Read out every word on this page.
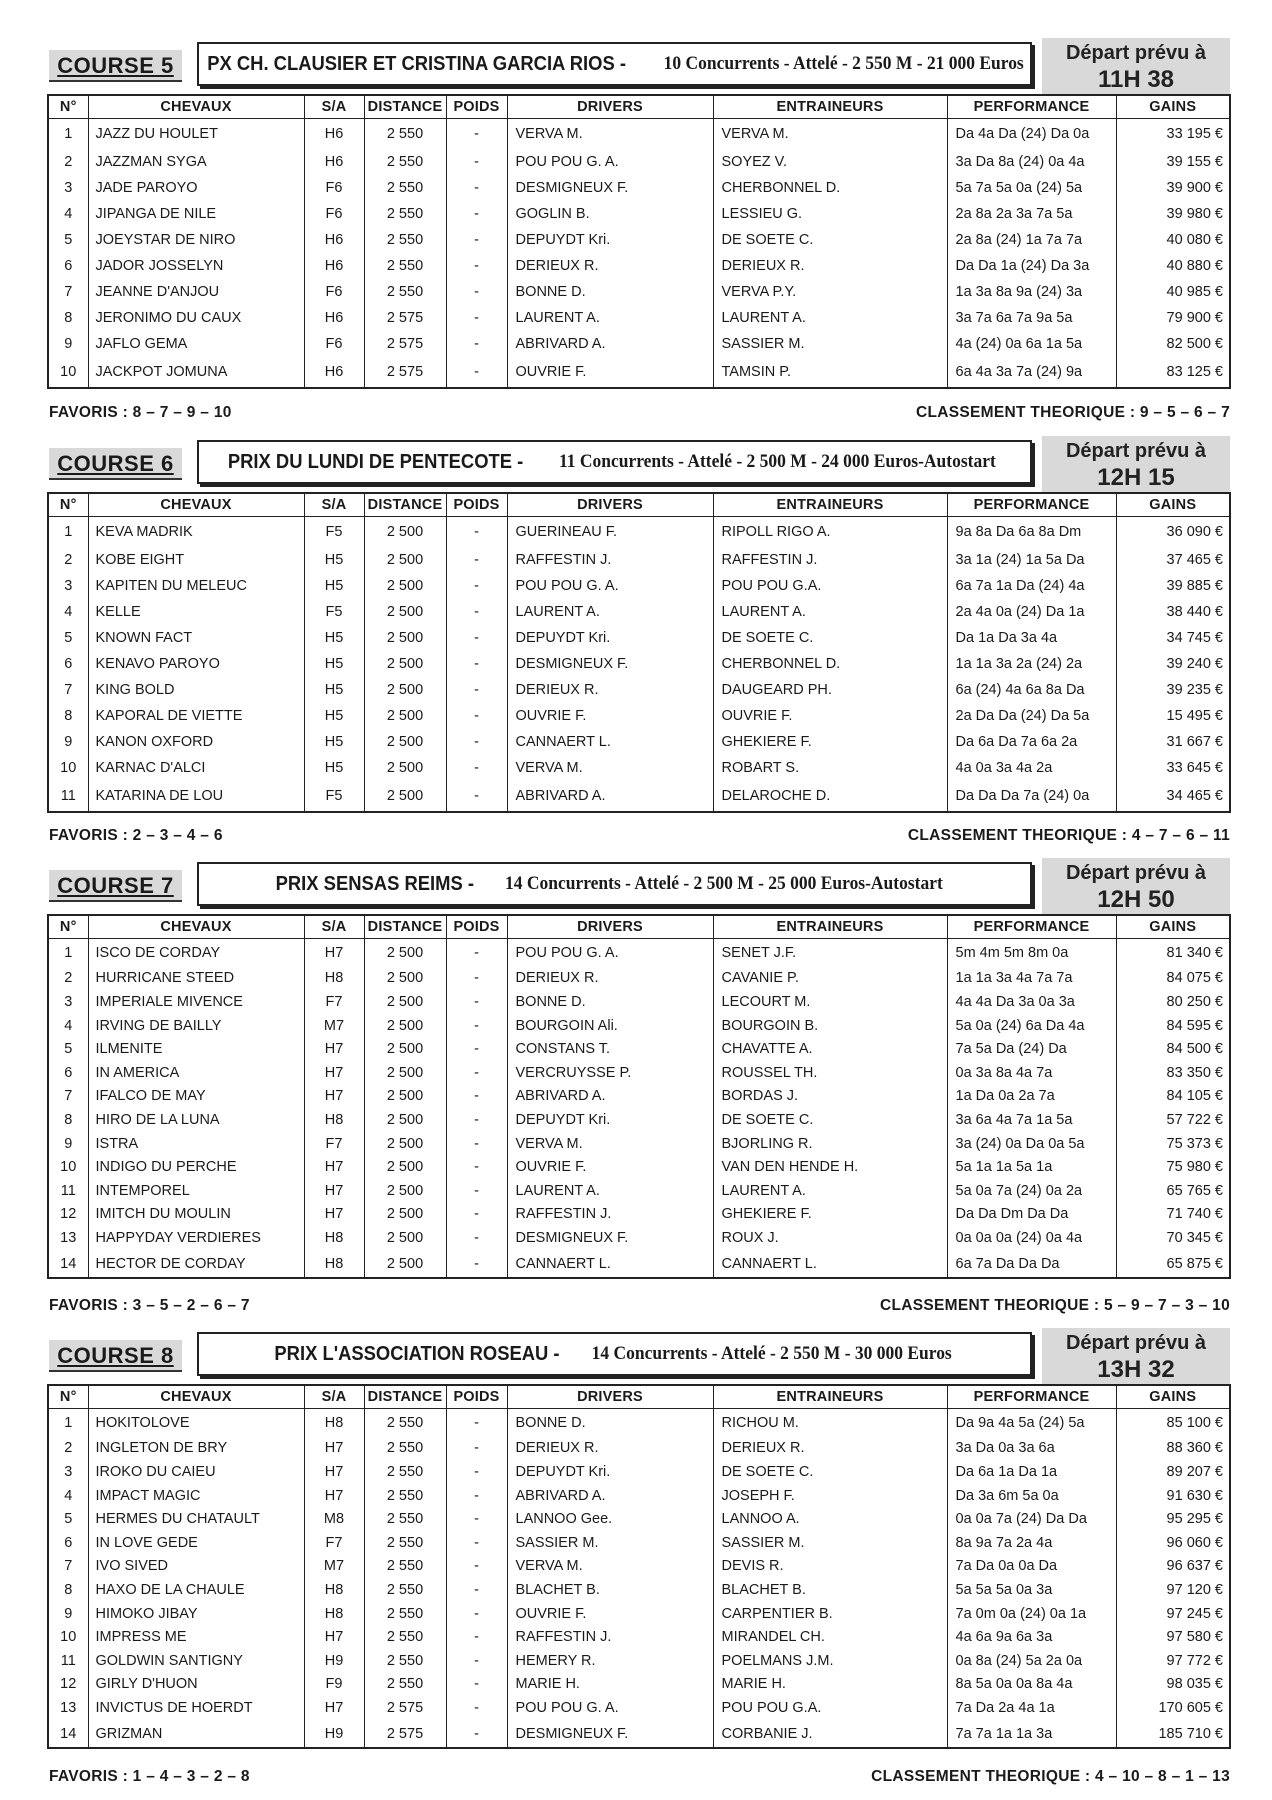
COURSE 5	PX CH. CLAUSIER ET CRISTINA GARCIA RIOS - 10 Concurrents - Attelé - 2 550 M - 21 000 Euros	Départ prévu à
11H 38
N°	CHEVAUX	S/A	DISTANCE	POIDS	DRIVERS	ENTRAINEURS	PERFORMANCE	GAINS
1	JAZZ DU HOULET	H6	2 550	-	VERVA M.	VERVA M.	Da 4a Da (24) Da 0a	33 195 €
2	JAZZMAN SYGA	H6	2 550	-	POU POU G. A.	SOYEZ V.	3a Da 8a (24) 0a 4a	39 155 €
3	JADE PAROYO	F6	2 550	-	DESMIGNEUX F.	CHERBONNEL D.	5a 7a 5a 0a (24) 5a	39 900 €
4	JIPANGA DE NILE	F6	2 550	-	GOGLIN B.	LESSIEU G.	2a 8a 2a 3a 7a 5a	39 980 €
5	JOEYSTAR DE NIRO	H6	2 550	-	DEPUYDT Kri.	DE SOETE C.	2a 8a (24) 1a 7a 7a	40 080 €
6	JADOR JOSSELYN	H6	2 550	-	DERIEUX R.	DERIEUX R.	Da Da 1a (24) Da 3a	40 880 €
7	JEANNE D'ANJOU	F6	2 550	-	BONNE D.	VERVA P.Y.	1a 3a 8a 9a (24) 3a	40 985 €
8	JERONIMO DU CAUX	H6	2 575	-	LAURENT A.	LAURENT A.	3a 7a 6a 7a 9a 5a	79 900 €
9	JAFLO GEMA	F6	2 575	-	ABRIVARD A.	SASSIER M.	4a (24) 0a 6a 1a 5a	82 500 €
10	JACKPOT JOMUNA	H6	2 575	-	OUVRIE F.	TAMSIN P.	6a 4a 3a 7a (24) 9a	83 125 €
FAVORIS : 8 – 7 – 9 – 10	CLASSEMENT THEORIQUE : 9 – 5 – 6 – 7
COURSE 6	PRIX DU LUNDI DE PENTECOTE - 11 Concurrents - Attelé - 2 500 M - 24 000 Euros-Autostart	Départ prévu à
12H 15
N°	CHEVAUX	S/A	DISTANCE	POIDS	DRIVERS	ENTRAINEURS	PERFORMANCE	GAINS
1	KEVA MADRIK	F5	2 500	-	GUERINEAU F.	RIPOLL RIGO A.	9a 8a Da 6a 8a Dm	36 090 €
2	KOBE EIGHT	H5	2 500	-	RAFFESTIN J.	RAFFESTIN J.	3a 1a (24) 1a 5a Da	37 465 €
3	KAPITEN DU MELEUC	H5	2 500	-	POU POU G. A.	POU POU G.A.	6a 7a 1a Da (24) 4a	39 885 €
4	KELLE	F5	2 500	-	LAURENT A.	LAURENT A.	2a 4a 0a (24) Da 1a	38 440 €
5	KNOWN FACT	H5	2 500	-	DEPUYDT Kri.	DE SOETE C.	Da 1a Da 3a 4a	34 745 €
6	KENAVO PAROYO	H5	2 500	-	DESMIGNEUX F.	CHERBONNEL D.	1a 1a 3a 2a (24) 2a	39 240 €
7	KING BOLD	H5	2 500	-	DERIEUX R.	DAUGEARD PH.	6a (24) 4a 6a 8a Da	39 235 €
8	KAPORAL DE VIETTE	H5	2 500	-	OUVRIE F.	OUVRIE F.	2a Da Da (24) Da 5a	15 495 €
9	KANON OXFORD	H5	2 500	-	CANNAERT L.	GHEKIERE F.	Da 6a Da 7a 6a 2a	31 667 €
10	KARNAC D'ALCI	H5	2 500	-	VERVA M.	ROBART S.	4a 0a 3a 4a 2a	33 645 €
11	KATARINA DE LOU	F5	2 500	-	ABRIVARD A.	DELAROCHE D.	Da Da Da 7a (24) 0a	34 465 €
FAVORIS : 2 – 3 – 4 – 6	CLASSEMENT THEORIQUE : 4 – 7 – 6 – 11
COURSE 7	PRIX SENSAS REIMS - 14 Concurrents - Attelé - 2 500 M - 25 000 Euros-Autostart	Départ prévu à
12H 50
N°	CHEVAUX	S/A	DISTANCE	POIDS	DRIVERS	ENTRAINEURS	PERFORMANCE	GAINS
1	ISCO DE CORDAY	H7	2 500	-	POU POU G. A.	SENET J.F.	5m 4m 5m 8m 0a	81 340 €
2	HURRICANE STEED	H8	2 500	-	DERIEUX R.	CAVANIE P.	1a 1a 3a 4a 7a 7a	84 075 €
3	IMPERIALE MIVENCE	F7	2 500	-	BONNE D.	LECOURT M.	4a 4a Da 3a 0a 3a	80 250 €
4	IRVING DE BAILLY	M7	2 500	-	BOURGOIN Ali.	BOURGOIN B.	5a 0a (24) 6a Da 4a	84 595 €
5	ILMENITE	H7	2 500	-	CONSTANS T.	CHAVATTE A.	7a 5a Da (24) Da	84 500 €
6	IN AMERICA	H7	2 500	-	VERCRUYSSE P.	ROUSSEL TH.	0a 3a 8a 4a 7a	83 350 €
7	IFALCO DE MAY	H7	2 500	-	ABRIVARD A.	BORDAS J.	1a Da 0a 2a 7a	84 105 €
8	HIRO DE LA LUNA	H8	2 500	-	DEPUYDT Kri.	DE SOETE C.	3a 6a 4a 7a 1a 5a	57 722 €
9	ISTRA	F7	2 500	-	VERVA M.	BJORLING R.	3a (24) 0a Da 0a 5a	75 373 €
10	INDIGO DU PERCHE	H7	2 500	-	OUVRIE F.	VAN DEN HENDE H.	5a 1a 1a 5a 1a	75 980 €
11	INTEMPOREL	H7	2 500	-	LAURENT A.	LAURENT A.	5a 0a 7a (24) 0a 2a	65 765 €
12	IMITCH DU MOULIN	H7	2 500	-	RAFFESTIN J.	GHEKIERE F.	Da Da Dm Da Da	71 740 €
13	HAPPYDAY VERDIERES	H8	2 500	-	DESMIGNEUX F.	ROUX J.	0a 0a 0a (24) 0a 4a	70 345 €
14	HECTOR DE CORDAY	H8	2 500	-	CANNAERT L.	CANNAERT L.	6a 7a Da Da Da	65 875 €
FAVORIS : 3 – 5 – 2 – 6 – 7	CLASSEMENT THEORIQUE : 5 – 9 – 7 – 3 – 10
COURSE 8	PRIX L'ASSOCIATION ROSEAU - 14 Concurrents - Attelé - 2 550 M - 30 000 Euros	Départ prévu à
13H 32
N°	CHEVAUX	S/A	DISTANCE	POIDS	DRIVERS	ENTRAINEURS	PERFORMANCE	GAINS
1	HOKITOLOVE	H8	2 550	-	BONNE D.	RICHOU M.	Da 9a 4a 5a (24) 5a	85 100 €
2	INGLETON DE BRY	H7	2 550	-	DERIEUX R.	DERIEUX R.	3a Da 0a 3a 6a	88 360 €
3	IROKO DU CAIEU	H7	2 550	-	DEPUYDT Kri.	DE SOETE C.	Da 6a 1a Da 1a	89 207 €
4	IMPACT MAGIC	H7	2 550	-	ABRIVARD A.	JOSEPH F.	Da 3a 6m 5a 0a	91 630 €
5	HERMES DU CHATAULT	M8	2 550	-	LANNOO Gee.	LANNOO A.	0a 0a 7a (24) Da Da	95 295 €
6	IN LOVE GEDE	F7	2 550	-	SASSIER M.	SASSIER M.	8a 9a 7a 2a 4a	96 060 €
7	IVO SIVED	M7	2 550	-	VERVA M.	DEVIS R.	7a Da 0a 0a Da	96 637 €
8	HAXO DE LA CHAULE	H8	2 550	-	BLACHET B.	BLACHET B.	5a 5a 5a 0a 3a	97 120 €
9	HIMOKO JIBAY	H8	2 550	-	OUVRIE F.	CARPENTIER B.	7a 0m 0a (24) 0a 1a	97 245 €
10	IMPRESS ME	H7	2 550	-	RAFFESTIN J.	MIRANDEL CH.	4a 6a 9a 6a 3a	97 580 €
11	GOLDWIN SANTIGNY	H9	2 550	-	HEMERY R.	POELMANS J.M.	0a 8a (24) 5a 2a 0a	97 772 €
12	GIRLY D'HUON	F9	2 550	-	MARIE H.	MARIE H.	8a 5a 0a 0a 8a 4a	98 035 €
13	INVICTUS DE HOERDT	H7	2 575	-	POU POU G. A.	POU POU G.A.	7a Da 2a 4a 1a	170 605 €
14	GRIZMAN	H9	2 575	-	DESMIGNEUX F.	CORBANIE J.	7a 7a 1a 1a 3a	185 710 €
FAVORIS : 1 – 4 – 3 – 2 – 8	CLASSEMENT THEORIQUE : 4 – 10 – 8 – 1 – 13
